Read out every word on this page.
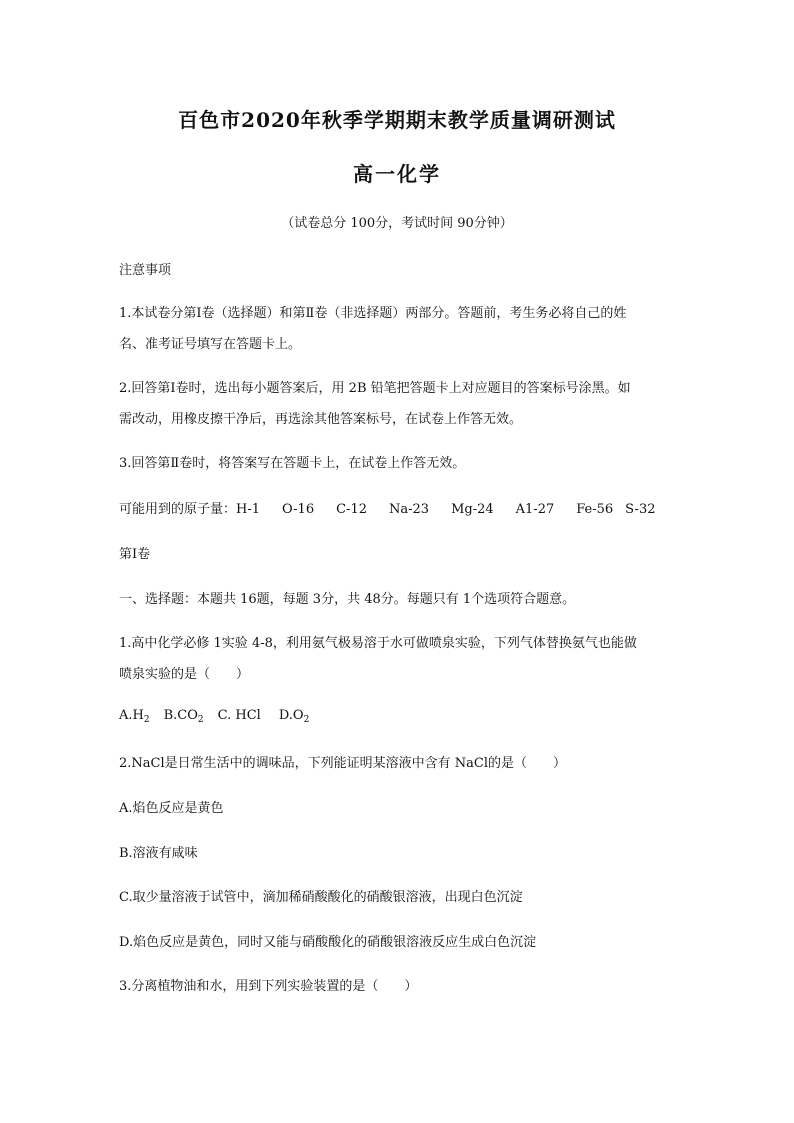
百色市2020年秋季学期期末教学质量调研测试
高一化学
（试卷总分 100分，考试时间 90分钟）
注意事项
1.本试卷分第Ⅰ卷（选择题）和第Ⅱ卷（非选择题）两部分。答题前，考生务必将自己的姓
名、准考证号填写在答题卡上。
2.回答第Ⅰ卷时，选出每小题答案后，用 2B 铅笔把答题卡上对应题目的答案标号涂黑。如
需改动，用橡皮擦干净后，再选涂其他答案标号，在试卷上作答无效。
3.回答第Ⅱ卷时，将答案写在答题卡上，在试卷上作答无效。
可能用到的原子量：H-1 O-16 C-12 Na-23 Mg-24 A1-27 Fe-56 S-32
第Ⅰ卷
一、选择题：本题共 16题，每题 3分，共 48分。每题只有 1个选项符合题意。
1.高中化学必修 1实验 4-8，利用氨气极易溶于水可做喷泉实验，下列气体替换氨气也能做
喷泉实验的是（　　）
$A.H_2$ $B.CO_2$ C. HCl $D.O_2$
2.NaCl是日常生活中的调味品，下列能证明某溶液中含有 NaCl的是（　　）
A.焰色反应是黄色
B.溶液有咸味
C.取少量溶液于试管中，滴加稀硝酸酸化的硝酸银溶液，出现白色沉淀
D.焰色反应是黄色，同时又能与硝酸酸化的硝酸银溶液反应生成白色沉淀
3.分离植物油和水，用到下列实验装置的是（　　）
